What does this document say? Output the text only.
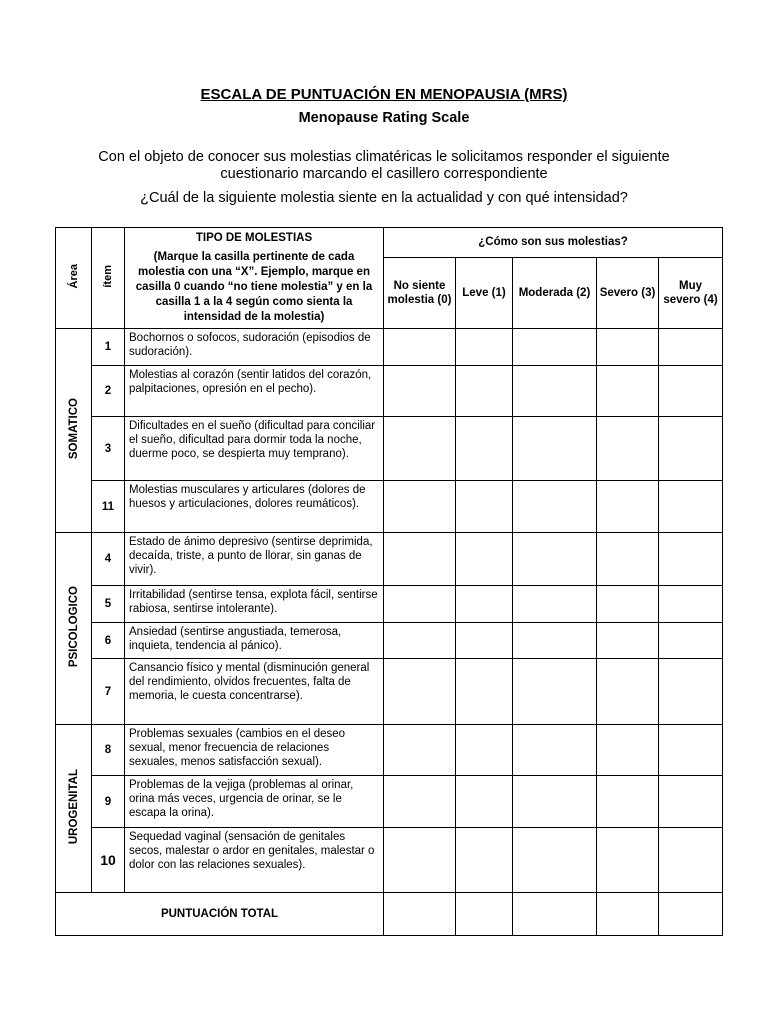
ESCALA DE PUNTUACIÓN EN MENOPAUSIA (MRS)
Menopause Rating Scale
Con el objeto de conocer sus molestias climatéricas le solicitamos responder el siguiente cuestionario marcando el casillero correspondiente
¿Cuál de la siguiente molestia siente en la actualidad y con qué intensidad?
Área	ítem	TIPO DE MOLESTIAS
(Marque la casilla pertinente de cada molestia con una “X”. Ejemplo, marque en casilla 0 cuando “no tiene molestia” y en la casilla 1 a la 4 según como sienta la intensidad de la molestia)	¿Cómo son sus molestias?				
			No siente molestia (0)	Leve (1)	Moderada (2)	Severo (3)	Muy severo (4)
SOMATICO	1	Bochornos o sofocos, sudoración (episodios de sudoración).					
	2	Molestias al corazón (sentir latidos del corazón, palpitaciones, opresión en el pecho).					
	3	Dificultades en el sueño (dificultad para conciliar el sueño, dificultad para dormir toda la noche, duerme poco, se despierta muy temprano).					
	11	Molestias musculares y articulares (dolores de huesos y articulaciones, dolores reumáticos).					
PSICOLOGICO	4	Estado de ánimo depresivo (sentirse deprimida, decaída, triste, a punto de llorar, sin ganas de vivir).					
	5	Irritabilidad (sentirse tensa, explota fácil, sentirse rabiosa, sentirse intolerante).					
	6	Ansiedad (sentirse angustiada, temerosa, inquieta, tendencia al pánico).					
	7	Cansancio físico y mental (disminución general del rendimiento, olvidos frecuentes, falta de memoria, le cuesta concentrarse).					
UROGENITAL	8	Problemas sexuales (cambios en el deseo sexual, menor frecuencia de relaciones sexuales, menos satisfacción sexual).					
	9	Problemas de la vejiga (problemas al orinar, orina más veces, urgencia de orinar, se le escapa la orina).					
	10	Sequedad vaginal (sensación de genitales secos, malestar o ardor en genitales, malestar o dolor con las relaciones sexuales).					
PUNTUACIÓN TOTAL							
